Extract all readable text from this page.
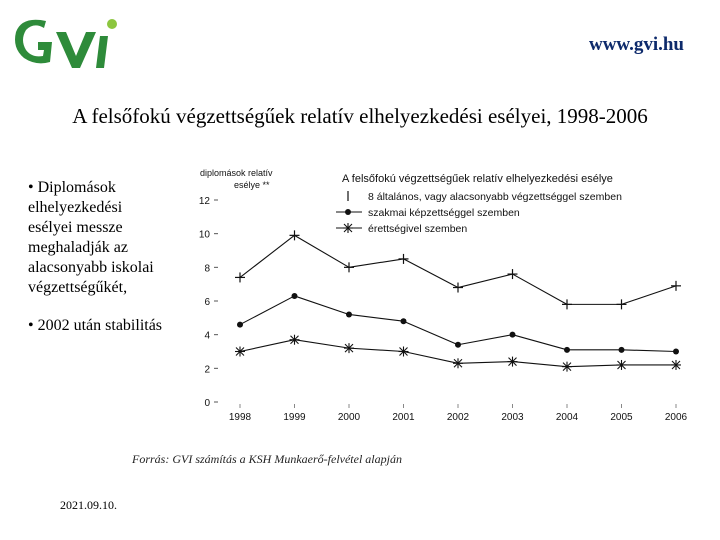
www.gvi.hu
A felsőfokú végzettségűek relatív elhelyezkedési esélyei, 1998-2006
• Diplomások elhelyezkedési esélyei messze meghaladják az alacsonyabb iskolai végzettségűkét,
• 2002 után stabilitás
diplomások relatív
esélye **	A felsőfokú végzettségűek relatív elhelyezkedési esélye
8 általános, vagy alacsonyabb végzettséggel szemben
szakmai képzettséggel szemben
érettségivel szemben
0
2
4
6
8
10
12
1998	1999	2000	2001	2002	2003	2004	2005	2006
Forrás: GVI számítás a KSH Munkaerő-felvétel alapján
2021.09.10.
